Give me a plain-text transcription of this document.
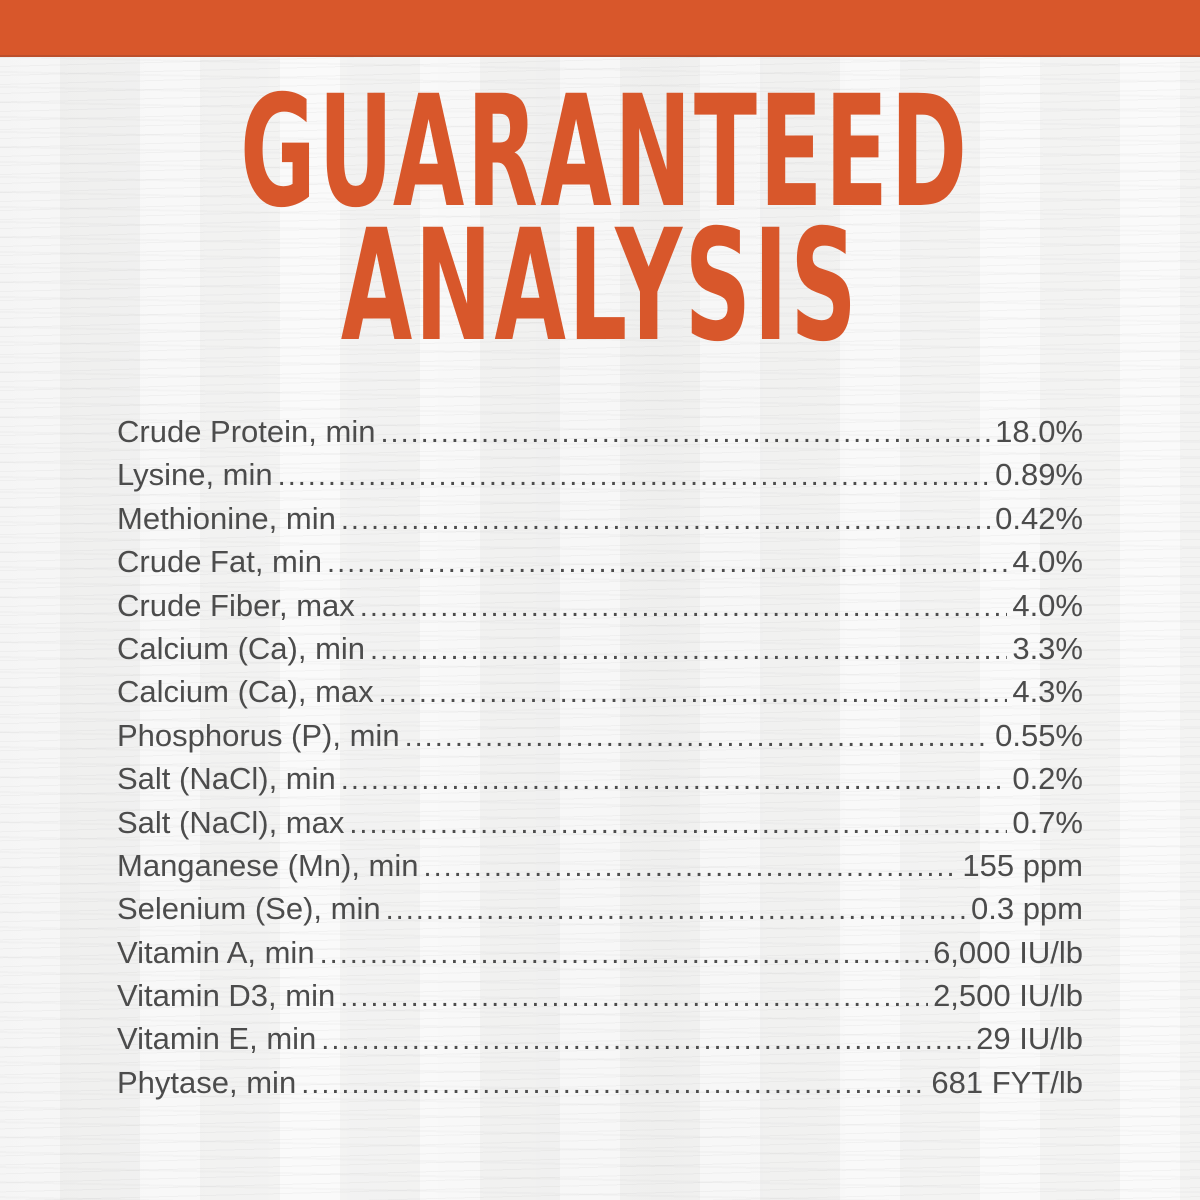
GUARANTEED
ANALYSIS
Crude Protein, min .....	18.0%
Lysine, min .....	0.89%
Methionine, min .....	0.42%
Crude Fat, min .....	4.0%
Crude Fiber, max .....	4.0%
Calcium (Ca), min .....	3.3%
Calcium (Ca), max .....	4.3%
Phosphorus (P), min .....	0.55%
Salt (NaCl), min .....	0.2%
Salt (NaCl), max .....	0.7%
Manganese (Mn), min .....	155 ppm
Selenium (Se), min .....	0.3 ppm
Vitamin A, min .....	6,000 IU/lb
Vitamin D3, min .....	2,500 IU/lb
Vitamin E, min .....	29 IU/lb
Phytase, min .....	681 FYT/lb
